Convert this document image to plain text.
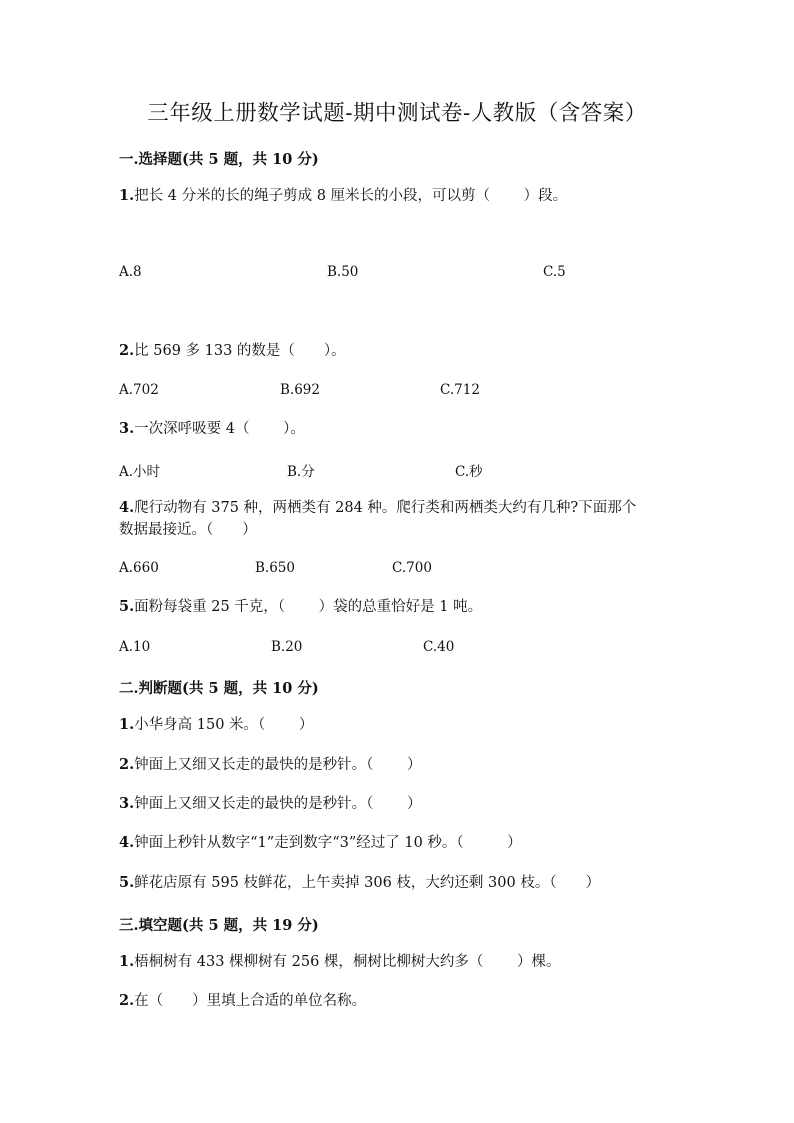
三年级上册数学试题-期中测试卷-人教版（含答案）
一.选择题(共 5 题，共 10 分)
1.把长 4 分米的长的绳子剪成 8 厘米长的小段，可以剪（　　 ）段。
A.8	B.50	C.5
2.比 569 多 133 的数是（　　）。
A.702	B.692	C.712
3.一次深呼吸要 4（　　 ）。
A.小时	B.分	C.秒
4.爬行动物有 375 种，两栖类有 284 种。爬行类和两栖类大约有几种?下面那个
数据最接近。（　　）
A.660	B.650	C.700
5.面粉每袋重 25 千克，（　　 ）袋的总重恰好是 1 吨。
A.10	B.20	C.40
二.判断题(共 5 题，共 10 分)
1.小华身高 150 米。（　　 ）
2.钟面上又细又长走的最快的是秒针。（　　 ）
3.钟面上又细又长走的最快的是秒针。（　　 ）
4.钟面上秒针从数字“1”走到数字“3”经过了 10 秒。（　　　）
5.鲜花店原有 595 枝鲜花，上午卖掉 306 枝，大约还剩 300 枝。（　　）
三.填空题(共 5 题，共 19 分)
1.梧桐树有 433 棵柳树有 256 棵，桐树比柳树大约多（　　 ）棵。
2.在（　　）里填上合适的单位名称。
